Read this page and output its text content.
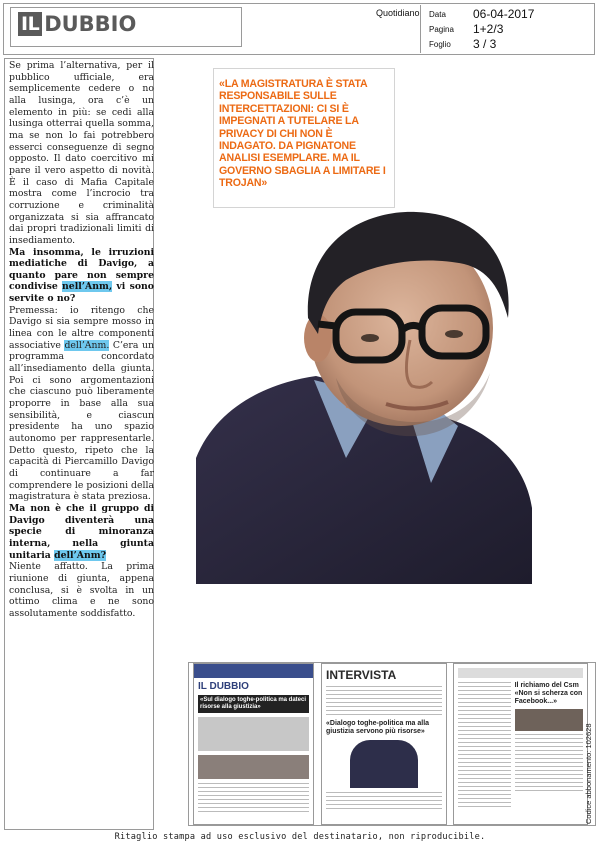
IL DUBBIO	Quotidiano Data	06-04-2017
Pagina	1+2/3
Foglio	3 / 3

Se prima l’alternativa, per il pubblico ufficiale, era semplicemente cedere o no alla lusinga, ora c’è un elemento in più: se cedi alla lusinga otterrai quella somma, ma se non lo fai potrebbero esserci conseguenze di segno opposto. Il dato coercitivo mi pare il vero aspetto di novità. È il caso di Mafia Capitale mostra come l’incrocio tra corruzione e criminalità organizzata si sia affrancato dai propri tradizionali limiti di insediamento.

Ma insomma, le irruzioni mediatiche di Davigo, a quanto pare non sempre condivise nell’Anm, vi sono servite o no?

Premessa: io ritengo che Davigo si sia sempre mosso in linea con le altre componenti associative dell’Anm. C’era un programma concordato all’insediamento della giunta. Poi ci sono argomentazioni che ciascuno può liberamente proporre in base alla sua sensibilità, e ciascun presidente ha uno spazio autonomo per rappresentarle. Detto questo, ripeto che la capacità di Piercamillo Davigo di continuare a far comprendere le posizioni della magistratura è stata preziosa.

Ma non è che il gruppo di Davigo diventerà una specie di minoranza interna, nella giunta unitaria dell’Anm?

Niente affatto. La prima riunione di giunta, appena conclusa, si è svolta in un ottimo clima e ne sono assolutamente soddisfatto.

«LA MAGISTRATURA È STATA RESPONSABILE SULLE INTERCETTAZIONI: CI SI È IMPEGNATI A TUTELARE LA PRIVACY DI CHI NON È INDAGATO. DA PIGNATONE ANALISI ESEMPLARE. MA IL GOVERNO SBAGLIA A LIMITARE I TROJAN»
IL DUBBIO
«Sul dialogo toghe-politica ma dateci risorse alla giustizia»
INTERVISTA
«Dialogo toghe-politica ma alla giustizia servono più risorse»
Il richiamo del Csm «Non si scherza con Facebook...»
Codice abbonamento: 102628
Ritaglio stampa ad uso esclusivo del destinatario, non riproducibile.
